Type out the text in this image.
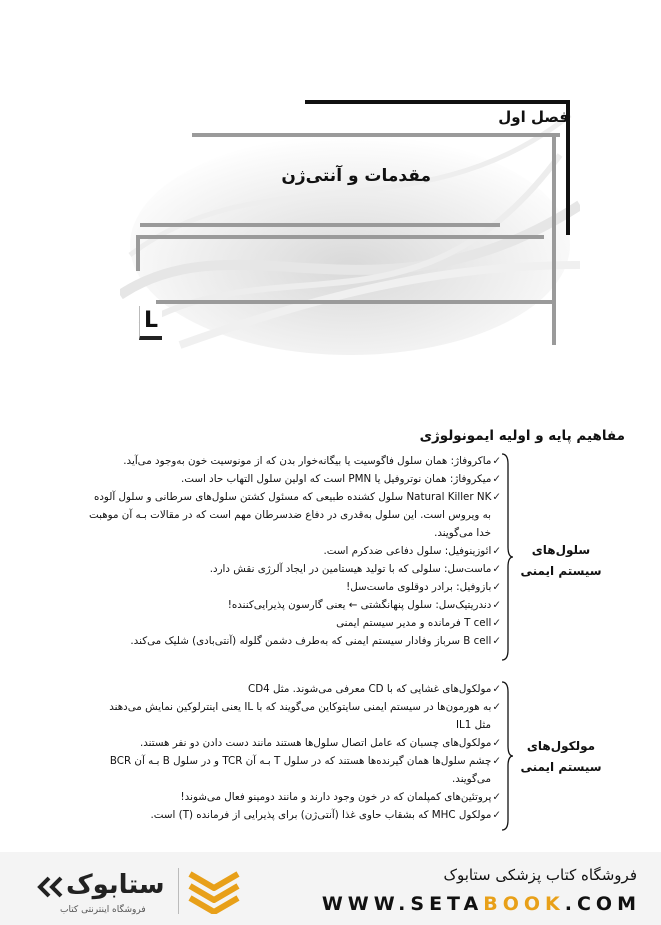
فصل اول
مقدمات و آنتی‌ژن
L
مفاهیم پایه و اولیه ایمونولوژی

✓ماکروفاژ: همان سلول فاگوسیت یا بیگانه‌خوار بدن که از مونوسیت خون به‌وجود می‌آید.

✓میکروفاژ: همان نوتروفیل یا PMN است که اولین سلول التهاب حاد است.

✓Natural Killer NK سلول کشنده طبیعی که مسئول کشتن سلول‌های سرطانی و سلول آلوده

به ویروس است. این سلول به‌قدری در دفاع ضدسرطان مهم است که در مقالات بـه آن موهبت

خدا می‌گویند.

✓ائوزینوفیل: سلول دفاعی ضدکرم است.

✓ماست‌سل: سلولی که با تولید هیستامین در ایجاد آلرژی نقش دارد.

✓بازوفیل: برادر دوقلوی ماست‌سل!

✓دندریتیک‌سل: سلول پنهانگشتی ← یعنی گارسون پذیرایی‌کننده!

✓T cell فرمانده و مدیر سیستم ایمنی

✓B cell سرباز وفادار سیستم ایمنی که به‌طرف دشمن گلوله (آنتی‌بادی) شلیک می‌کند.

سلول‌های
سیستم ایمنی

✓مولکول‌های غشایی که با CD معرفی می‌شوند. مثل CD4

✓به هورمون‌ها در سیستم ایمنی سایتوکاین می‌گویند که با IL یعنی اینترلوکین نمایش می‌دهند

مثل IL1

✓مولکول‌های چسبان که عامل اتصال سلول‌ها هستند مانند دست دادن دو نفر هستند.

✓چشم سلول‌ها همان گیرنده‌ها هستند که در سلول T بـه آن TCR و در سلول B بـه آن BCR

می‌گویند.

✓پروتئین‌های کمپلمان که در خون وجود دارند و مانند دومینو فعال می‌شوند!

✓مولکول MHC که بشقاب حاوی غذا (آنتی‌ژن) برای پذیرایی از فرمانده (T) است.

مولکول‌های
سیستم ایمنی
ستابوک
فروشگاه اینترنتی کتاب
فروشگاه کتاب پزشکی ستابوک
WWW.SETABOOK.COM
